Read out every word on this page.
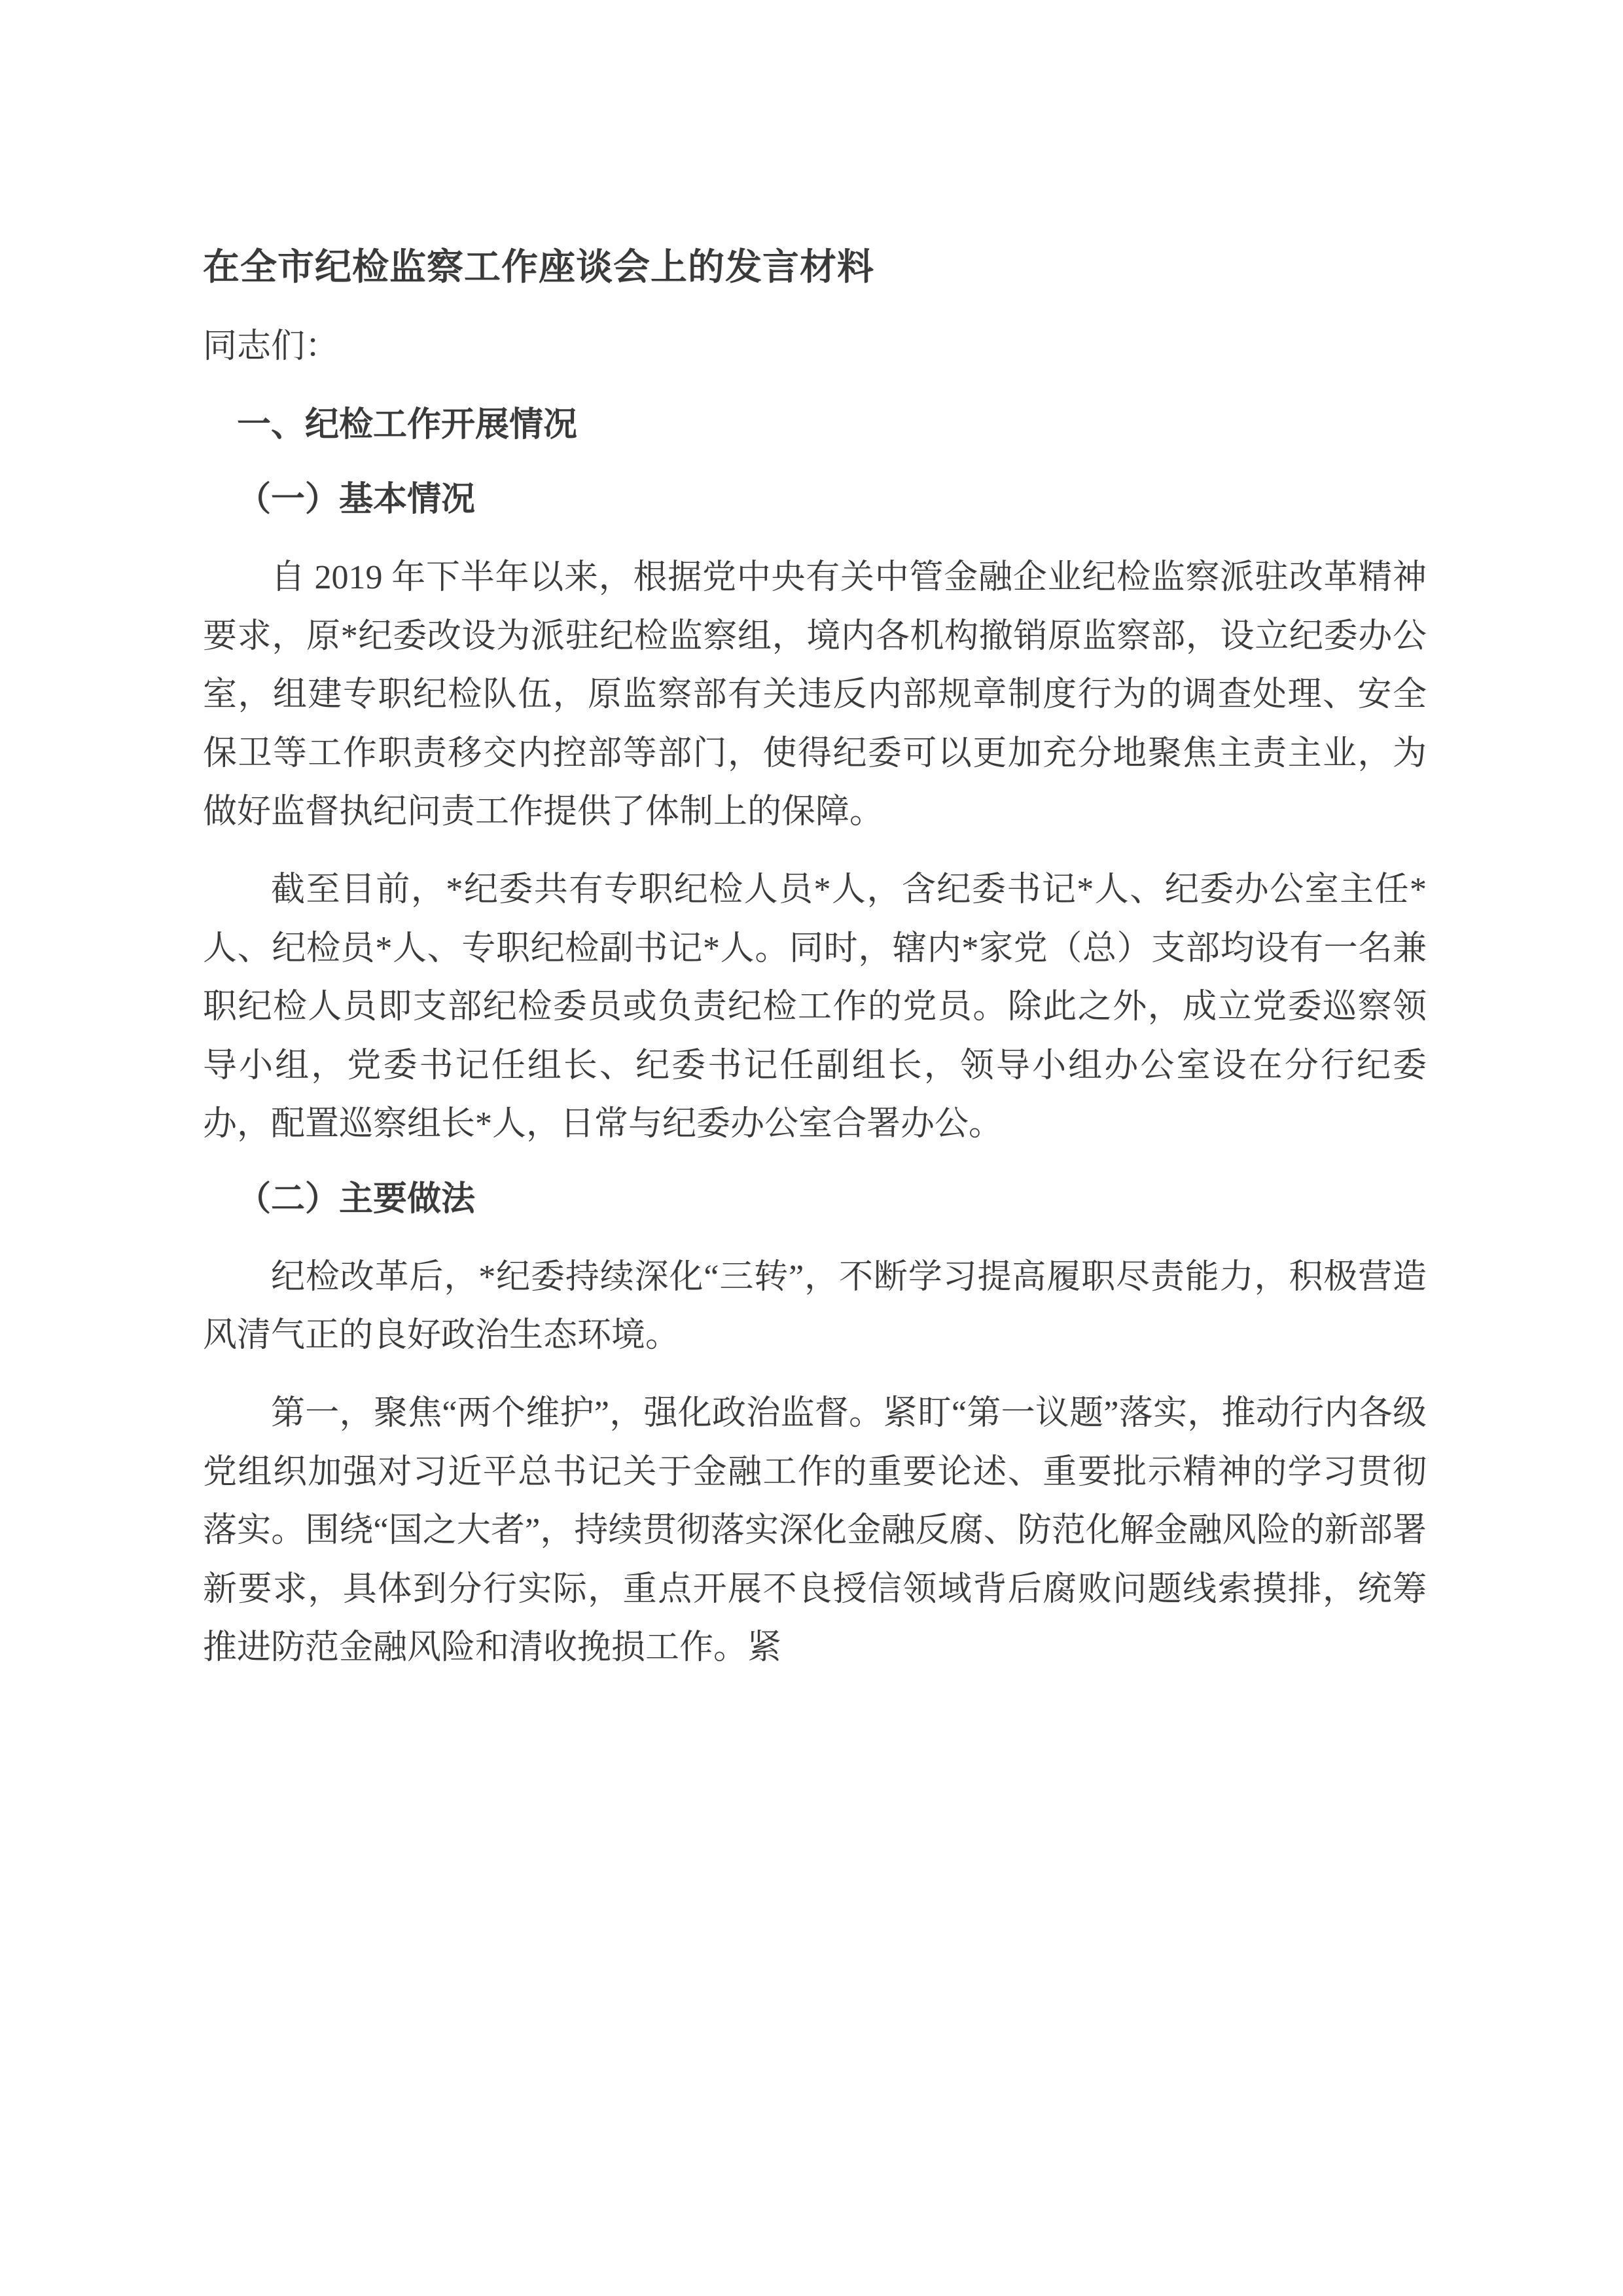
在全市纪检监察工作座谈会上的发言材料

同志们：

一、纪检工作开展情况
（一）基本情况

自 2019 年下半年以来，根据党中央有关中管金融企业纪检监察派驻改革精神要求，原*纪委改设为派驻纪检监察组，境内各机构撤销原监察部，设立纪委办公室，组建专职纪检队伍，原监察部有关违反内部规章制度行为的调查处理、安全保卫等工作职责移交内控部等部门，使得纪委可以更加充分地聚焦主责主业，为做好监督执纪问责工作提供了体制上的保障。

截至目前，*纪委共有专职纪检人员*人，含纪委书记*人、纪委办公室主任*人、纪检员*人、专职纪检副书记*人。同时，辖内*家党（总）支部均设有一名兼职纪检人员即支部纪检委员或负责纪检工作的党员。除此之外，成立党委巡察领导小组，党委书记任组长、纪委书记任副组长，领导小组办公室设在分行纪委办，配置巡察组长*人，日常与纪委办公室合署办公。

（二）主要做法

纪检改革后，*纪委持续深化“三转”，不断学习提高履职尽责能力，积极营造风清气正的良好政治生态环境。

第一，聚焦“两个维护”，强化政治监督。紧盯“第一议题”落实，推动行内各级党组织加强对习近平总书记关于金融工作的重要论述、重要批示精神的学习贯彻落实。围绕“国之大者”，持续贯彻落实深化金融反腐、防范化解金融风险的新部署新要求，具体到分行实际，重点开展不良授信领域背后腐败问题线索摸排，统筹推进防范金融风险和清收挽损工作。紧
